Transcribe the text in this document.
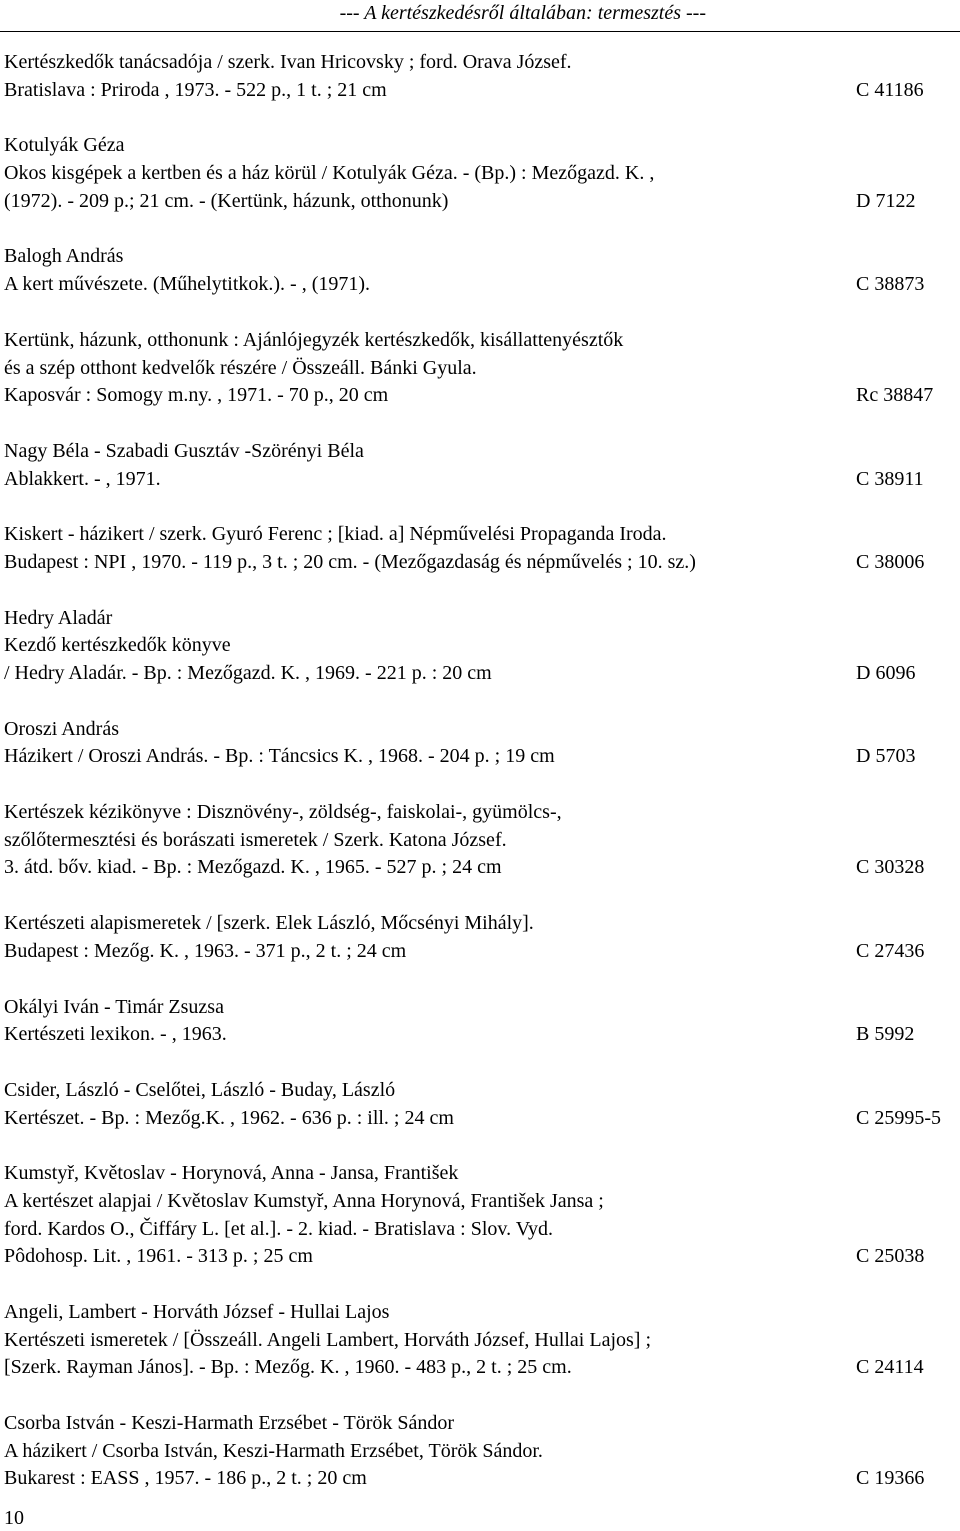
--- A kertészkedésről általában: termesztés ---
Kertészkedők tanácsadója / szerk. Ivan Hricovsky ; ford. Orava József.
Bratislava : Priroda , 1973. - 522 p., 1 t. ; 21 cm	C 41186
Kotulyák Géza
Okos kisgépek a kertben és a ház körül / Kotulyák Géza. - (Bp.) : Mezőgazd. K. ,
(1972). - 209 p.; 21 cm. - (Kertünk, házunk, otthonunk)	D 7122
Balogh András
A kert művészete. (Műhelytitkok.). - , (1971).	C 38873
Kertünk, házunk, otthonunk : Ajánlójegyzék kertészkedők, kisállattenyésztők
és a szép otthont kedvelők részére / Összeáll. Bánki Gyula.
Kaposvár : Somogy m.ny. , 1971. - 70 p., 20 cm	Rc 38847
Nagy Béla - Szabadi Gusztáv -Szörényi Béla
Ablakkert. - , 1971.	C 38911
Kiskert - házikert / szerk. Gyuró Ferenc ; [kiad. a] Népművelési Propaganda Iroda.
Budapest : NPI , 1970. - 119 p., 3 t. ; 20 cm. - (Mezőgazdaság és népművelés ; 10. sz.)	C 38006
Hedry Aladár
Kezdő kertészkedők könyve
/ Hedry Aladár. - Bp. : Mezőgazd. K. , 1969. - 221 p. : 20 cm	D 6096
Oroszi András
Házikert / Oroszi András. - Bp. : Táncsics K. , 1968. - 204 p. ; 19 cm	D 5703
Kertészek kézikönyve : Disznövény-, zöldség-, faiskolai-, gyümölcs-,
szőlőtermesztési és borászati ismeretek / Szerk. Katona József.
3. átd. bőv. kiad. - Bp. : Mezőgazd. K. , 1965. - 527 p. ; 24 cm	C 30328
Kertészeti alapismeretek / [szerk. Elek László, Mőcsényi Mihály].
Budapest : Mezőg. K. , 1963. - 371 p., 2 t. ; 24 cm	C 27436
Okályi Iván - Timár Zsuzsa
Kertészeti lexikon. - , 1963.	B 5992
Csider, László - Cselőtei, László - Buday, László
Kertészet. - Bp. : Mezőg.K. , 1962. - 636 p. : ill. ; 24 cm	C 25995-5
Kumstyř, Květoslav - Horynová, Anna - Jansa, František
A kertészet alapjai / Květoslav Kumstyř, Anna Horynová, František Jansa ;
ford. Kardos O., Čiffáry L. [et al.]. - 2. kiad. - Bratislava : Slov. Vyd.
Pôdohosp. Lit. , 1961. - 313 p. ; 25 cm	C 25038
Angeli, Lambert - Horváth József - Hullai Lajos
Kertészeti ismeretek / [Összeáll. Angeli Lambert, Horváth József, Hullai Lajos] ;
[Szerk. Rayman János]. - Bp. : Mezőg. K. , 1960. - 483 p., 2 t. ; 25 cm.	C 24114
Csorba István - Keszi-Harmath Erzsébet - Török Sándor
A házikert / Csorba István, Keszi-Harmath Erzsébet, Török Sándor.
Bukarest : EASS , 1957. - 186 p., 2 t. ; 20 cm	C 19366
10
